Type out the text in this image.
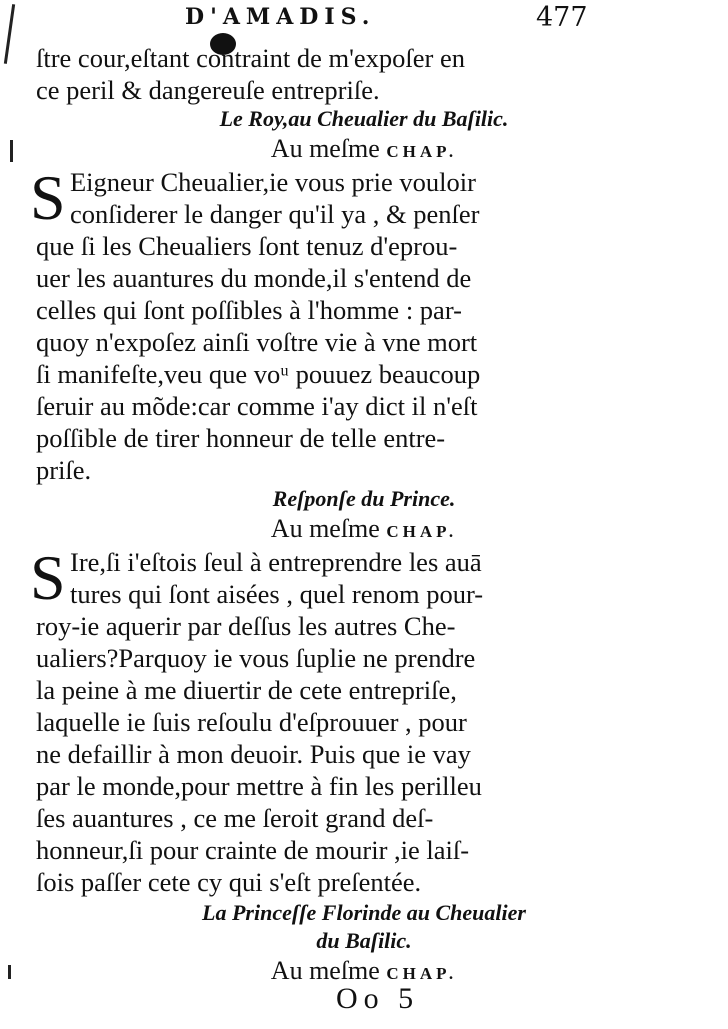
D'AMADIS.	477
ſtre cour,eſtant contraint de m'expoſer en
ce peril & dangereuſe entrepriſe.
Le Roy,au Cheualier du Baſilic.
Au meſme CHAP.
S Eigneur Cheualier,ie vous prie vouloir
conſiderer le danger qu'il ya , & penſer
que ſi les Cheualiers ſont tenuz d'eprou-
uer les auantures du monde,il s'entend de
celles qui ſont poſſibles à l'homme : par-
quoy n'expoſez ainſi voſtre vie à vne mort
ſi manifeſte,veu que voᵘ pouuez beaucoup
ſeruir au mõde:car comme i'ay dict il n'eſt
poſſible de tirer honneur de telle entre-
priſe.
Reſponſe du Prince.
Au meſme CHAP.
S Ire,ſi i'eſtois ſeul à entreprendre les auā
tures qui ſont aisées , quel renom pour-
roy-ie aquerir par deſſus les autres Che-
ualiers?Parquoy ie vous ſuplie ne prendre
la peine à me diuertir de cete entrepriſe,
laquelle ie ſuis reſoulu d'eſprouuer , pour
ne defaillir à mon deuoir. Puis que ie vay
par le monde,pour mettre à fin les perilleu
ſes auantures , ce me ſeroit grand deſ-
honneur,ſi pour crainte de mourir ,ie laiſ-
ſois paſſer cete cy qui s'eſt preſentée.
La Princeſſe Florinde au Cheualier
du Baſilic.
Au meſme CHAP.
Oo 5
